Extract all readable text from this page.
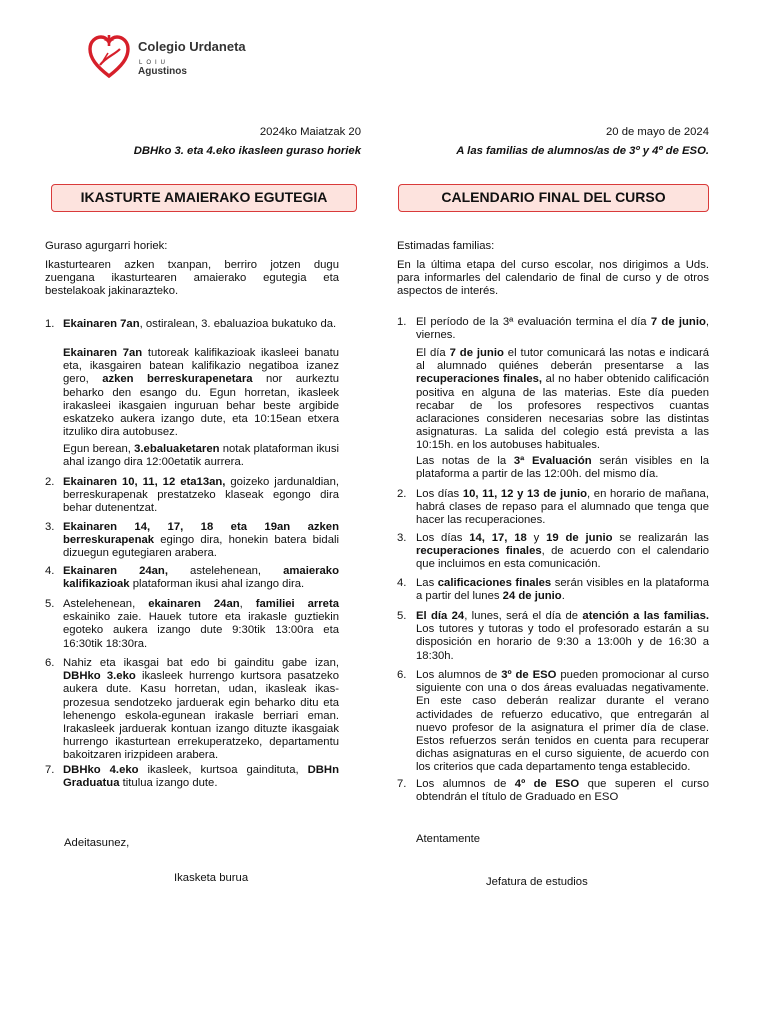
Colegio Urdaneta
LOIU
Agustinos
2024ko Maiatzak 20
DBHko 3. eta 4.eko ikasleen guraso horiek
20 de mayo de 2024
A las familias de alumnos/as de 3º y 4º de ESO.
IKASTURTE AMAIERAKO EGUTEGIA	CALENDARIO FINAL DEL CURSO
Guraso agurgarri horiek:
Ikasturtearen azken txanpan, berriro jotzen dugu zuengana ikasturtearen amaierako egutegia eta bestelakoak jakinarazteko.
1. Ekainaren 7an, ostiralean, 3. ebaluazioa bukatuko da.
Ekainaren 7an tutoreak kalifikazioak ikasleei banatu eta, ikasgairen batean kalifikazio negatiboa izanez gero, azken berreskurapenetara nor aurkeztu beharko den esango du. Egun horretan, ikasleek irakasleei ikasgaien inguruan behar beste argibide eskatzeko aukera izango dute, eta 10:15ean etxera itzuliko dira autobusez.
Egun berean, 3.ebaluaketaren notak plataforman ikusi ahal izango dira 12:00etatik aurrera.
2. Ekainaren 10, 11, 12 eta13an, goizeko jardunaldian, berreskurapenak prestatzeko klaseak egongo dira behar dutenentzat.
3. Ekainaren 14, 17, 18 eta 19an azken berreskurapenak egingo dira, honekin batera bidali dizuegun egutegiaren arabera.
4. Ekainaren 24an, astelehenean, amaierako kalifikazioak plataforman ikusi ahal izango dira.
5. Astelehenean, ekainaren 24an, familiei arreta eskainiko zaie. Hauek tutore eta irakasle guztiekin egoteko aukera izango dute 9:30tik 13:00ra eta 16:30tik 18:30ra.
6. Nahiz eta ikasgai bat edo bi gainditu gabe izan, DBHko 3.eko ikasleek hurrengo kurtsora pasatzeko aukera dute. Kasu horretan, udan, ikasleak ikas-prozesua sendotzeko jarduerak egin beharko ditu eta lehenengo eskola-egunean irakasle berriari eman. Irakasleek jarduerak kontuan izango dituzte ikasgaiak hurrengo ikasturtean errekuperatzeko, departamentu bakoitzaren irizpideen arabera.
7. DBHko 4.eko ikasleek, kurtsoa gainditutа, DBHn Graduatua titulua izango dute.
Adeitasunez,
Ikasketa burua
Estimadas familias:
En la última etapa del curso escolar, nos dirigimos a Uds. para informarles del calendario de final de curso y de otros aspectos de interés.
1. El período de la 3ª evaluación termina el día 7 de junio, viernes.
El día 7 de junio el tutor comunicará las notas e indicará al alumnado quiénes deberán presentarse a las recuperaciones finales, al no haber obtenido calificación positiva en alguna de las materias. Este día pueden recabar de los profesores respectivos cuantas aclaraciones consideren necesarias sobre las distintas asignaturas. La salida del colegio está prevista a las 10:15h. en los autobuses habituales.
Las notas de la 3ª Evaluación serán visibles en la plataforma a partir de las 12:00h. del mismo día.
2. Los días 10, 11, 12 y 13 de junio, en horario de mañana, habrá clases de repaso para el alumnado que tenga que hacer las recuperaciones.
3. Los días 14, 17, 18 y 19 de junio se realizarán las recuperaciones finales, de acuerdo con el calendario que incluimos en esta comunicación.
4. Las calificaciones finales serán visibles en la plataforma a partir del lunes 24 de junio.
5. El día 24, lunes, será el día de atención a las familias. Los tutores y tutoras y todo el profesorado estarán a su disposición en horario de 9:30 a 13:00h y de 16:30 a 18:30h.
6. Los alumnos de 3º de ESO pueden promocionar al curso siguiente con una o dos áreas evaluadas negativamente. En este caso deberán realizar durante el verano actividades de refuerzo educativo, que entregarán al nuevo profesor de la asignatura el primer día de clase. Estos refuerzos serán tenidos en cuenta para recuperar dichas asignaturas en el curso siguiente, de acuerdo con los criterios que cada departamento tenga establecido.
7. Los alumnos de 4º de ESO que superen el curso obtendrán el título de Graduado en ESO
Atentamente
Jefatura de estudios
